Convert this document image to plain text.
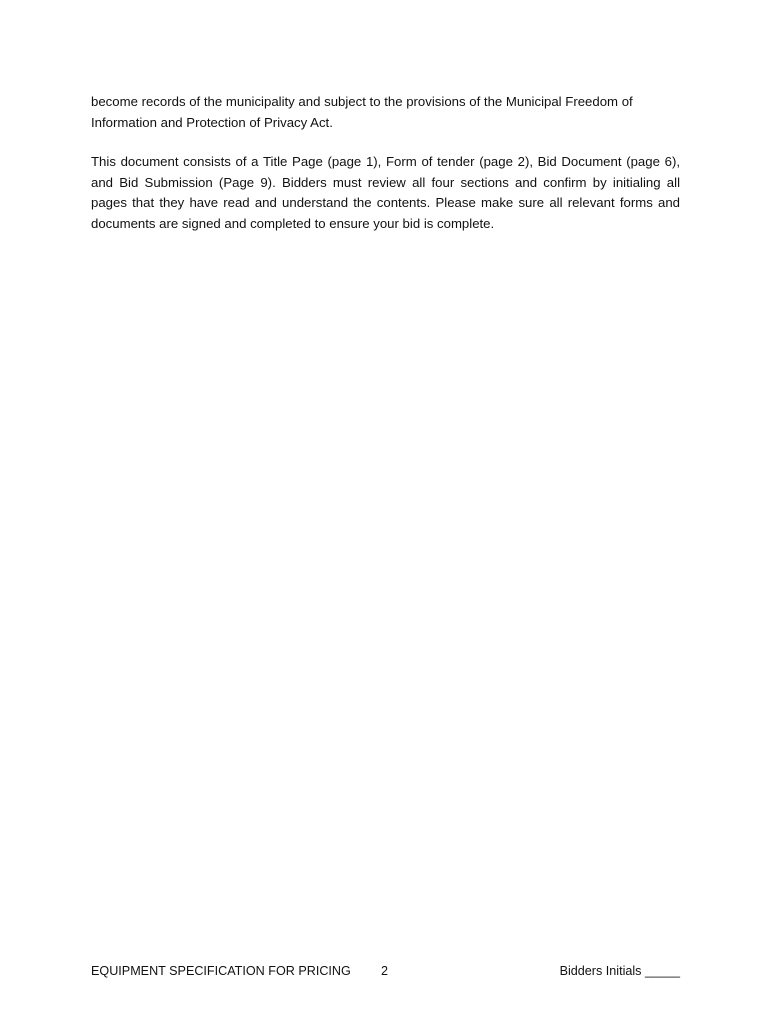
become records of the municipality and subject to the provisions of the Municipal Freedom of Information and Protection of Privacy Act.

This document consists of a Title Page (page 1), Form of tender (page 2), Bid Document (page 6), and Bid Submission (Page 9). Bidders must review all four sections and confirm by initialing all pages that they have read and understand the contents. Please make sure all relevant forms and documents are signed and completed to ensure your bid is complete.

EQUIPMENT SPECIFICATION FOR PRICING 2	Bidders Initials _____
